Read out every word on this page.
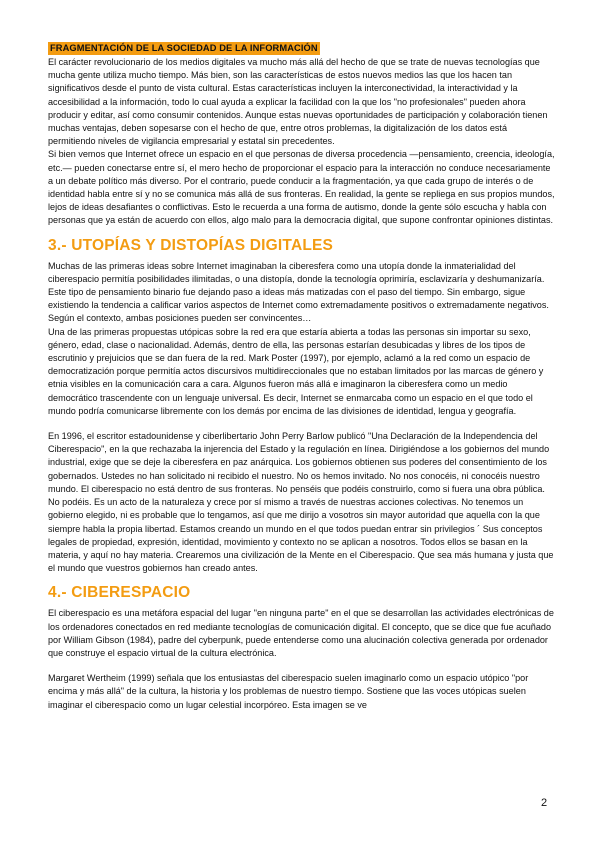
FRAGMENTACIÓN DE LA SOCIEDAD DE LA INFORMACIÓN

El carácter revolucionario de los medios digitales va mucho más allá del hecho de que se trate de nuevas tecnologías que mucha gente utiliza mucho tiempo. Más bien, son las características de estos nuevos medios las que los hacen tan significativos desde el punto de vista cultural. Estas características incluyen la interconectividad, la interactividad y la accesibilidad a la información, todo lo cual ayuda a explicar la facilidad con la que los "no profesionales" pueden ahora producir y editar, así como consumir contenidos. Aunque estas nuevas oportunidades de participación y colaboración tienen muchas ventajas, deben sopesarse con el hecho de que, entre otros problemas, la digitalización de los datos está permitiendo niveles de vigilancia empresarial y estatal sin precedentes.

Si bien vemos que Internet ofrece un espacio en el que personas de diversa procedencia —pensamiento, creencia, ideología, etc.— pueden conectarse entre sí, el mero hecho de proporcionar el espacio para la interacción no conduce necesariamente a un debate político más diverso. Por el contrario, puede conducir a la fragmentación, ya que cada grupo de interés o de identidad habla entre sí y no se comunica más allá de sus fronteras. En realidad, la gente se repliega en sus propios mundos, lejos de ideas desafiantes o conflictivas. Esto le recuerda a una forma de autismo, donde la gente sólo escucha y habla con personas que ya están de acuerdo con ellos, algo malo para la democracia digital, que supone confrontar opiniones distintas.

3.- UTOPÍAS Y DISTOPÍAS DIGITALES

Muchas de las primeras ideas sobre Internet imaginaban la ciberesfera como una utopía donde la inmaterialidad del ciberespacio permitía posibilidades ilimitadas, o una distopía, donde la tecnología oprimiría, esclavizaría y deshumanizaría. Este tipo de pensamiento binario fue dejando paso a ideas más matizadas con el paso del tiempo. Sin embargo, sigue existiendo la tendencia a calificar varios aspectos de Internet como extremadamente positivos o extremadamente negativos. Según el contexto, ambas posiciones pueden ser convincentes…

Una de las primeras propuestas utópicas sobre la red era que estaría abierta a todas las personas sin importar su sexo, género, edad, clase o nacionalidad. Además, dentro de ella, las personas estarían desubicadas y libres de los tipos de escrutinio y prejuicios que se dan fuera de la red. Mark Poster (1997), por ejemplo, aclamó a la red como un espacio de democratización porque permitía actos discursivos multidireccionales que no estaban limitados por las marcas de género y etnia visibles en la comunicación cara a cara. Algunos fueron más allá e imaginaron la ciberesfera como un medio democrático trascendente con un lenguaje universal. Es decir, Internet se enmarcaba como un espacio en el que todo el mundo podría comunicarse libremente con los demás por encima de las divisiones de identidad, lengua y geografía.

En 1996, el escritor estadounidense y ciberlibertario John Perry Barlow publicó "Una Declaración de la Independencia del Ciberespacio", en la que rechazaba la injerencia del Estado y la regulación en línea. Dirigiéndose a los gobiernos del mundo industrial, exige que se deje la ciberesfera en paz anárquica. Los gobiernos obtienen sus poderes del consentimiento de los gobernados. Ustedes no han solicitado ni recibido el nuestro. No os hemos invitado. No nos conocéis, ni conocéis nuestro mundo. El ciberespacio no está dentro de sus fronteras. No penséis que podéis construirlo, como si fuera una obra pública. No podéis. Es un acto de la naturaleza y crece por sí mismo a través de nuestras acciones colectivas. No tenemos un gobierno elegido, ni es probable que lo tengamos, así que me dirijo a vosotros sin mayor autoridad que aquella con la que siempre habla la propia libertad. Estamos creando un mundo en el que todos puedan entrar sin privilegios ´ Sus conceptos legales de propiedad, expresión, identidad, movimiento y contexto no se aplican a nosotros. Todos ellos se basan en la materia, y aquí no hay materia. Crearemos una civilización de la Mente en el Ciberespacio. Que sea más humana y justa que el mundo que vuestros gobiernos han creado antes.

4.- CIBERESPACIO

El ciberespacio es una metáfora espacial del lugar "en ninguna parte" en el que se desarrollan las actividades electrónicas de los ordenadores conectados en red mediante tecnologías de comunicación digital. El concepto, que se dice que fue acuñado por William Gibson (1984), padre del cyberpunk, puede entenderse como una alucinación colectiva generada por ordenador que construye el espacio virtual de la cultura electrónica.

Margaret Wertheim (1999) señala que los entusiastas del ciberespacio suelen imaginarlo como un espacio utópico "por encima y más allá" de la cultura, la historia y los problemas de nuestro tiempo. Sostiene que las voces utópicas suelen imaginar el ciberespacio como un lugar celestial incorpóreo. Esta imagen se ve

2
